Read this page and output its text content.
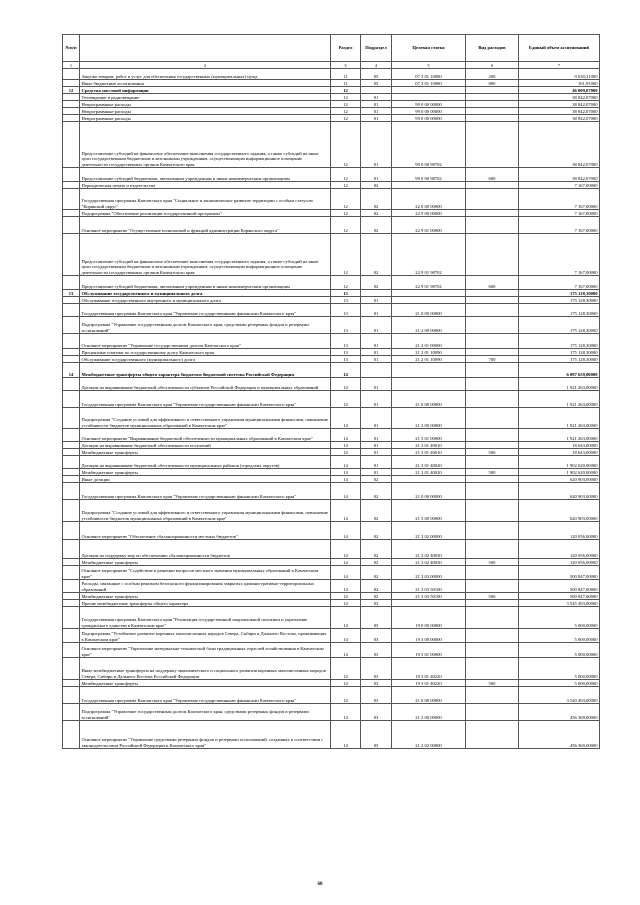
№п/п		Раздел	Подраздел	Целевая статья	Вид расходов	Единый объем ассигнований
1	2	3	4	5	6	7
	Закупка товаров, работ и услуг для обеспечения государственных (муниципальных) нужд	11	05	07 3 01 10080	200	9 630,31000
	Иные бюджетные ассигнования	11	05	07 3 01 10080	800	101,91000
12	Средства массовой информации	12				46 009,07000
	Телевидение и радиовещание	12	01			38 842,07000
	Непрограммные расходы	12	01	99 0 00 00000		38 842,07000
	Непрограммные расходы	12	01	99 0 00 00000		38 842,07000
	Непрограммные расходы	12	01	99 0 00 00000		38 842,07000
	Предоставление субсидий на финансовое обеспечение выполнения государственного задания, а также субсидий на иные цели государственным бюджетным и автономным учреждениям, осуществляющим информационное освещение деятельности государственных органов Камчатского края	12	01	99 0 00 98702		38 842,07000
	Предоставление субсидий бюджетным, автономным учреждениям и иным некоммерческим организациям	12	01	99 0 00 98702	600	38 842,07000
	Периодическая печать и издательства	12	02			7 167,00000
	Государственная программа Камчатского края "Социальное и экономическое развитие территории с особым статусом "Корякский округ"	12	02	22 0 00 00000		7 167,00000
	Подпрограмма "Обеспечение реализации государственной программы"	12	02	22 9 00 00000		7 167,00000
	Основное мероприятие "Осуществление полномочий и функций администрации Корякского округа"	12	02	22 9 01 00000		7 167,00000
	Предоставление субсидий на финансовое обеспечение выполнения государственного задания, а также субсидий на иные цели государственным бюджетным и автономным учреждениям, осуществляющим информационное освещение деятельности государственных органов Камчатского края	12	02	22 9 01 98702		7 167,00000
	Предоставление субсидий бюджетным, автономным учреждениям и иным некоммерческим организациям	12	02	22 9 01 98702	600	7 167,00000
13	Обслуживание государственного и муниципального долга	13				175 128,30000
	Обслуживание государственного внутреннего и муниципального долга	13	01			175 128,30000
	Государственная программа Камчатского края "Управление государственными финансами Камчатского края"	13	01	21 0 00 00000		175 128,30000
	Подпрограмма "Управление государственным долгом Камчатского края, средствами резервных фондов и резервами ассигнований"	13	01	21 2 00 00000		175 128,30000
	Основное мероприятие "Управление государственным долгом Камчатского края"	13	01	21 2 01 00000		175 128,30000
	Процентные платежи по государственному долгу Камчатского края	13	01	21 2 01 10090		175 128,30000
	Обслуживание государственного (муниципального) долга	13	01	21 2 01 10090	700	175 128,30000
14	Межбюджетные трансферты общего характера бюджетам бюджетной системы Российской Федерации	14				6 087 659,00000
	Дотации на выравнивание бюджетной обеспеченности субъектов Российской Федерации и муниципальных образований	14	01			1 921 263,00000
	Государственная программа Камчатского края "Управление государственными финансами Камчатского края"	14	01	21 0 00 00000		1 921 263,00000
	Подпрограмма "Создание условий для эффективного и ответственного управления муниципальными финансами, повышение устойчивости бюджетов муниципальных образований в Камчатском крае"	14	01	21 3 00 00000		1 921 263,00000
	Основное мероприятие "Выравнивание бюджетной обеспеченности муниципальных образований в Камчатском крае"	14	01	21 3 01 00000		1 921 263,00000
	Дотации на выравнивание бюджетной обеспеченности поселений	14	01	21 3 01 40010		18 643,00000
	Межбюджетные трансферты	14	01	21 3 01 40010	500	18 643,00000
	Дотации на выравнивание бюджетной обеспеченности муниципальных районов (городских округов)	14	01	21 3 01 40020		1 902 620,00000
	Межбюджетные трансферты	14	01	21 3 01 40020	500	1 902 620,00000
	Иные дотации	14	02			620 903,00000
	Государственная программа Камчатского края "Управление государственными финансами Камчатского края"	14	02	21 0 00 00000		620 903,00000
	Подпрограмма "Создание условий для эффективного и ответственного управления муниципальными финансами, повышение устойчивости бюджетов муниципальных образований в Камчатском крае"	14	02	21 3 00 00000		620 903,00000
	Основное мероприятие "Обеспечение сбалансированности местных бюджетов"	14	02	21 3 02 00000		120 056,00000
	Дотации на поддержку мер по обеспечению сбалансированности бюджетов	14	02	21 3 02 40030		120 056,00000
	Межбюджетные трансферты	14	02	21 3 02 40030	500	120 056,00000
	Основное мероприятие "Содействие в решении вопросов местного значения муниципальных образований в Камчатском крае"	14	02	21 3 03 00000		500 847,00000
	Расходы, связанные с особым режимом безопасного функционирования закрытых административно-территориальных образований	14	02	21 3 03 50100		500 847,00000
	Межбюджетные трансферты	14	02	21 3 03 50100	500	500 847,00000
	Прочие межбюджетные трансферты общего характера	14	03			3 545 493,00000
	Государственная программа Камчатского края "Реализация государственной национальной политики и укрепление гражданского единства в Камчатском крае"	14	03	19 0 00 00000		5 000,00000
	Подпрограмма "Устойчивое развитие коренных малочисленных народов Севера, Сибири и Дальнего Востока, проживающих в Камчатском крае"	14	03	19 3 00 00000		5 000,00000
	Основное мероприятие "Укрепление материально-технической базы традиционных отраслей хозяйствования в Камчатском крае"	14	03	19 3 01 00000		5 000,00000
	Иные межбюджетные трансферты на поддержку экономического и социального развития коренных малочисленных народов Севера, Сибири и Дальнего Востока Российской Федерации	14	03	19 3 01 40220		5 000,00000
	Межбюджетные трансферты	14	03	19 3 01 40220	500	5 000,00000
	Государственная программа Камчатского края "Управление государственными финансами Камчатского края"	14	03	21 0 00 00000		3 540 493,00000
	Подпрограмма "Управление государственным долгом Камчатского края, средствами резервных фондов и резервами ассигнований"	14	03	21 2 00 00000		456 369,00000
	Основное мероприятие "Управление средствами резервных фондов и резервами ассигнований, созданных в соответствии с законодательством Российской Федерации и Камчатского края"	14	03	21 2 02 00000		456 369,00000
60
